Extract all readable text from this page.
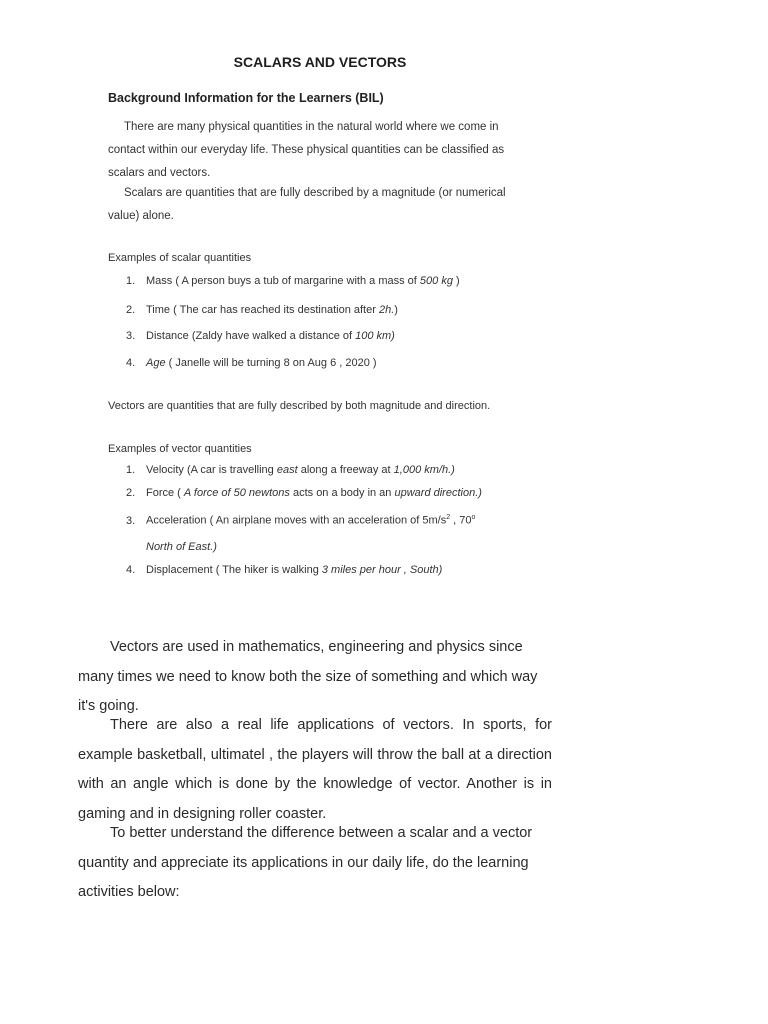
SCALARS AND VECTORS
Background Information for the Learners (BIL)

There are many physical quantities in the natural world where we come in contact within our everyday life. These physical quantities can be classified as scalars and vectors.

Scalars are quantities that are fully described by a magnitude (or numerical value) alone.

Examples of scalar quantities

1. Mass ( A person buys a tub of margarine with a mass of 500 kg )
2. Time ( The car has reached its destination after 2h.)
3. Distance (Zaldy have walked a distance of 100 km)
4. Age ( Janelle will be turning 8 on Aug 6 , 2020 )

Vectors are quantities that are fully described by both magnitude and direction.

Examples of vector quantities

1. Velocity (A car is travelling east along a freeway at 1,000 km/h.)
2. Force ( A force of 50 newtons acts on a body in an upward direction.)
3. Acceleration ( An airplane moves with an acceleration of $5m/s^2$ , 70$^o$
North of East.)
4. Displacement ( The hiker is walking 3 miles per hour , South)

Vectors are used in mathematics, engineering and physics since many times we need to know both the size of something and which way it's going.

There are also a real life applications of vectors. In sports, for example basketball, ultimatel , the players will throw the ball at a direction with an angle which is done by the knowledge of vector. Another is in gaming and in designing roller coaster.

To better understand the difference between a scalar and a vector quantity and appreciate its applications in our daily life, do the learning activities below:
